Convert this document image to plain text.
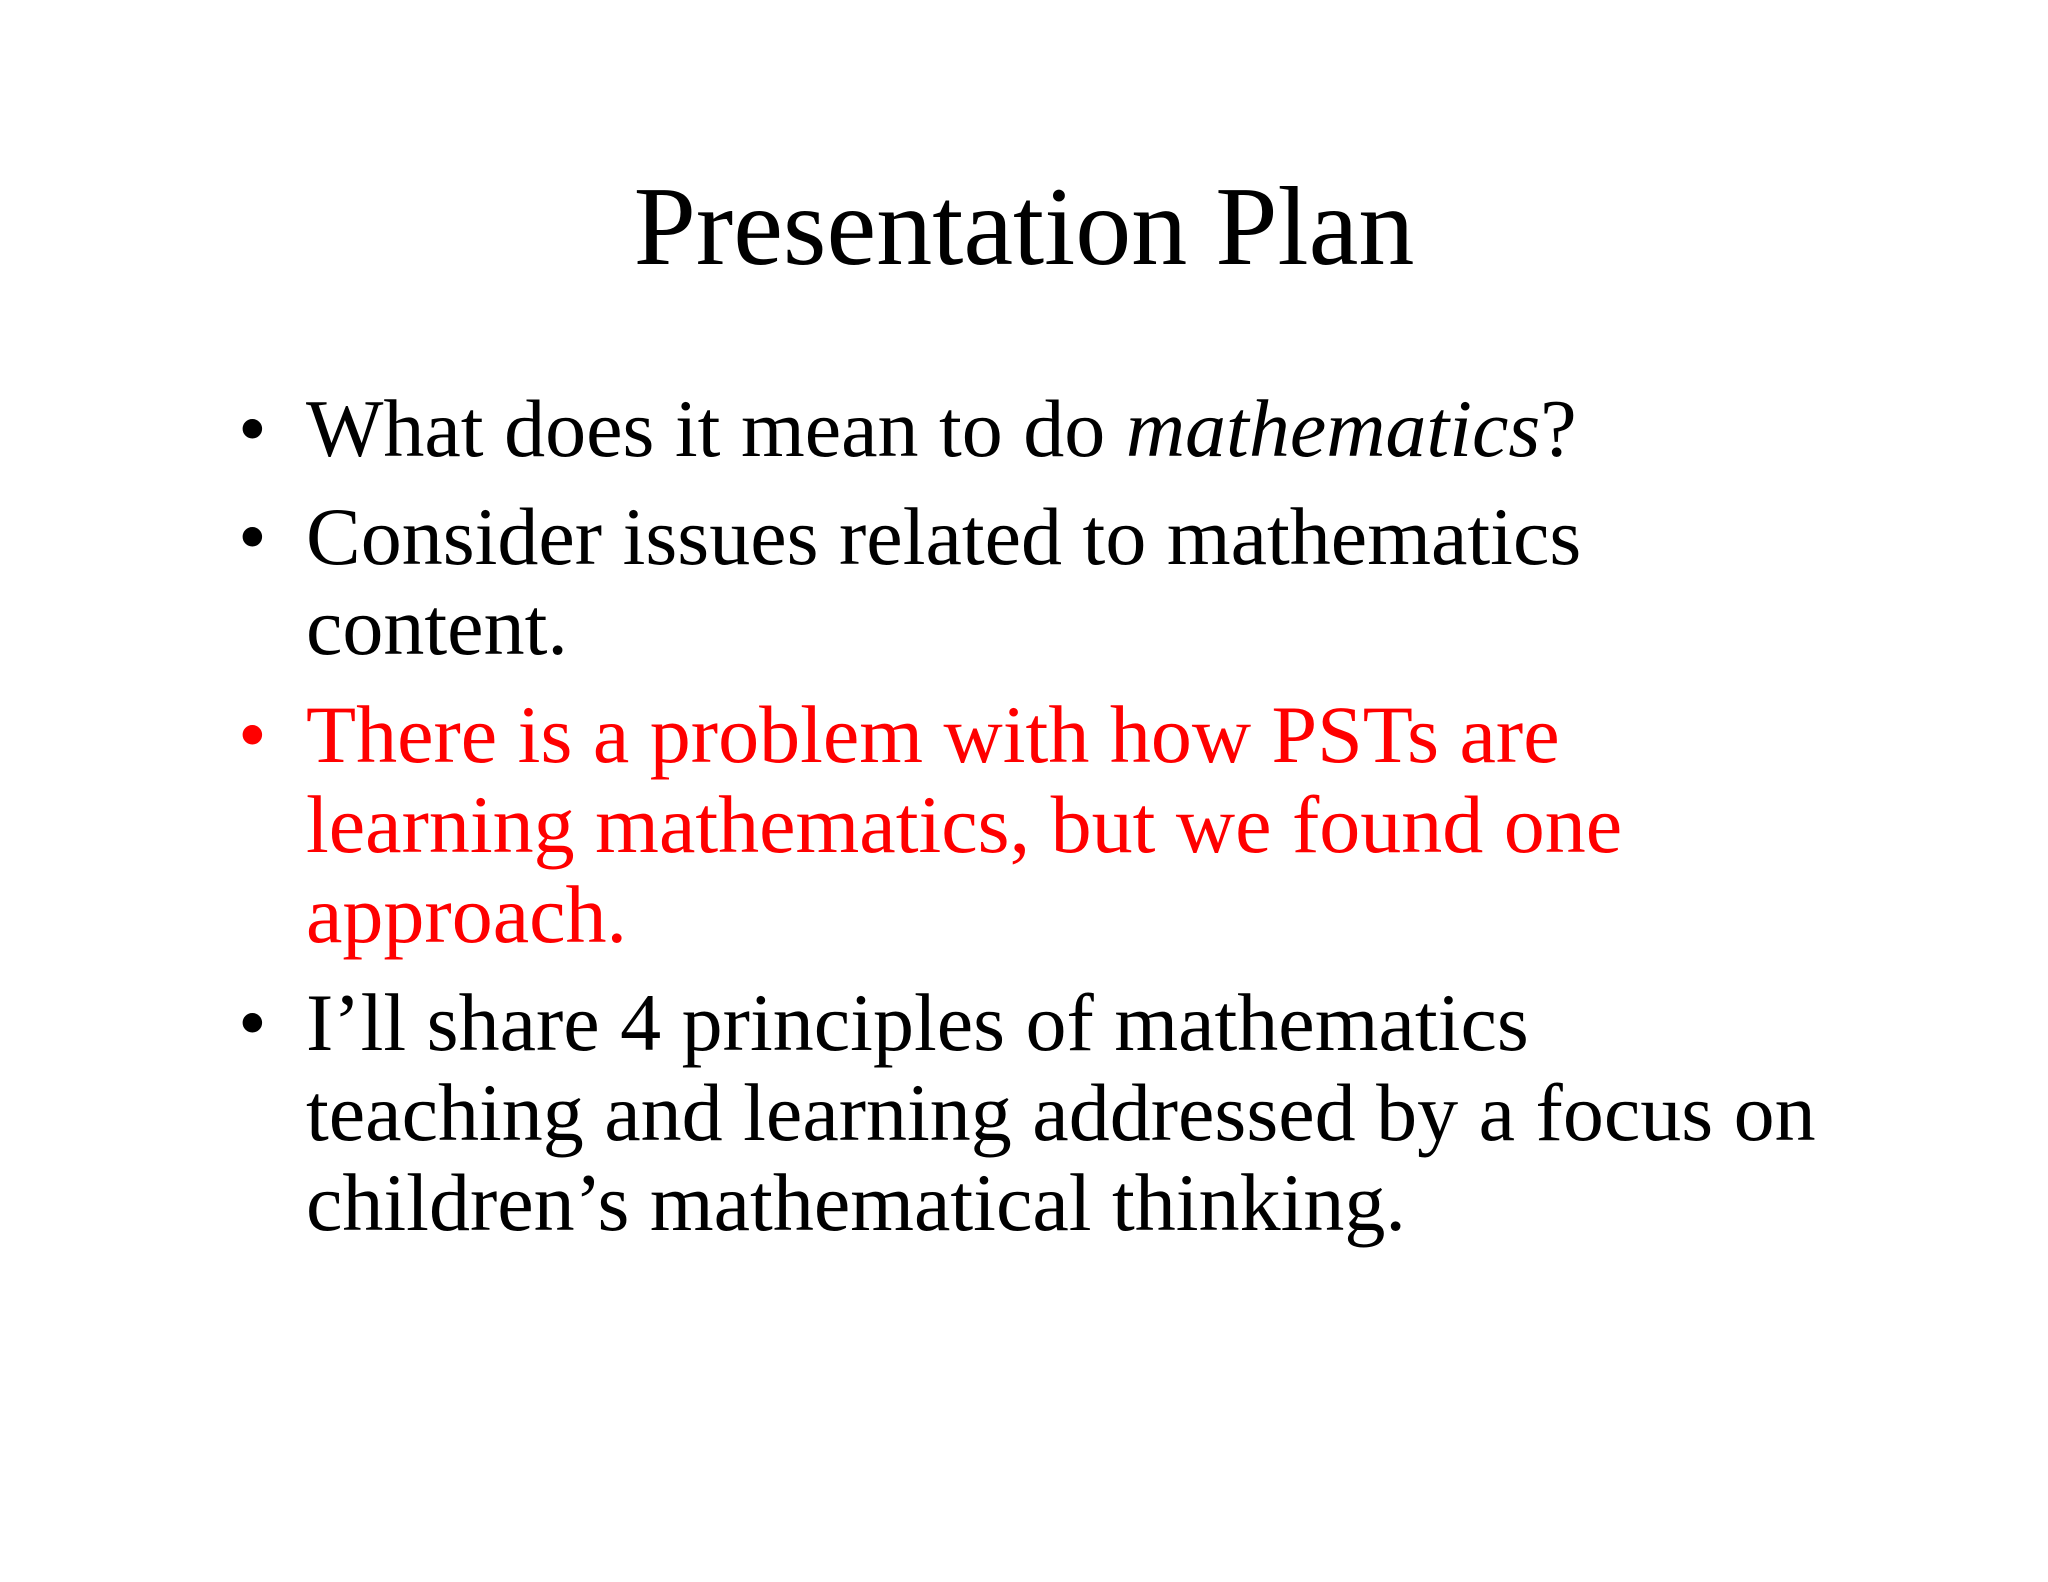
Presentation Plan
• What does it mean to do mathematics?
• Consider issues related to mathematics content.
• There is a problem with how PSTs are learning mathematics, but we found one approach.
• I’ll share 4 principles of mathematics teaching and learning addressed by a focus on children’s mathematical thinking.
